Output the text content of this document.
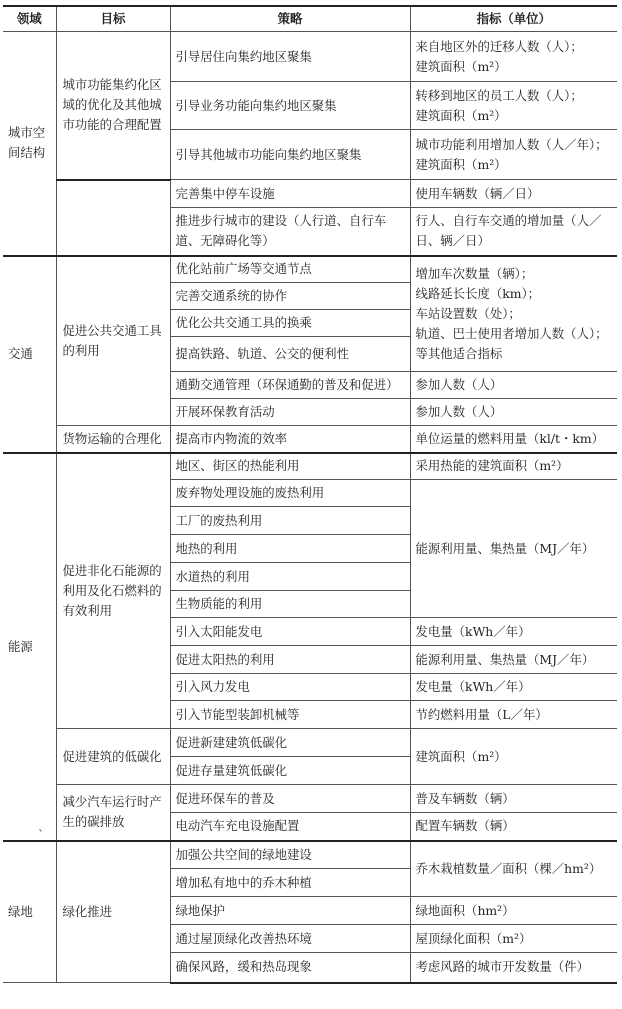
领域	目标	策略	指标（单位）
城市空间结构	城市功能集约化区域的优化及其他城市功能的合理配置	引导居住向集约地区聚集	来自地区外的迁移人数（人）；
建筑面积（m²）

		引导业务功能向集约地区聚集	转移到地区的员工人数（人）；
建筑面积（m²）

		引导其他城市功能向集约地区聚集	城市功能利用增加人数（人／年）；
建筑面积（m²）

		完善集中停车设施	使用车辆数（辆／日）
		推进步行城市的建设（人行道、自行车道、无障碍化等）	行人、自行车交通的增加量（人／日、辆／日）
交通	促进公共交通工具的利用	优化站前广场等交通节点	增加车次数量（辆）；
线路延长长度（km）；
车站设置数（处）；
轨道、巴士使用者增加人数（人）；
等其他适合指标

		完善交通系统的协作	
		优化公共交通工具的换乘	
		提高铁路、轨道、公交的便利性	
		通勤交通管理（环保通勤的普及和促进）	参加人数（人）
		开展环保教育活动	参加人数（人）
	货物运输的合理化	提高市内物流的效率	单位运量的燃料用量（kl/t・km）
能源	促进非化石能源的利用及化石燃料的有效利用	地区、街区的热能利用	采用热能的建筑面积（m²）
		废弃物处理设施的废热利用	能源利用量、集热量（MJ／年）
		工厂的废热利用	
		地热的利用	
		水道热的利用	
		生物质能的利用	
		引入太阳能发电	发电量（kWh／年）
		促进太阳热的利用	能源利用量、集热量（MJ／年）
		引入风力发电	发电量（kWh／年）
		引入节能型装卸机械等	节约燃料用量（L／年）
	促进建筑的低碳化	促进新建建筑低碳化	建筑面积（m²）
		促进存量建筑低碳化	
	减少汽车运行时产生的碳排放	促进环保车的普及	普及车辆数（辆）
		电动汽车充电设施配置	配置车辆数（辆）
绿地	绿化推进	加强公共空间的绿地建设	乔木栽植数量／面积（棵／hm²）
		增加私有地中的乔木种植	
		绿地保护	绿地面积（hm²）
		通过屋顶绿化改善热环境	屋顶绿化面积（m²）
		确保风路，缓和热岛现象	考虑风路的城市开发数量（件）
`
